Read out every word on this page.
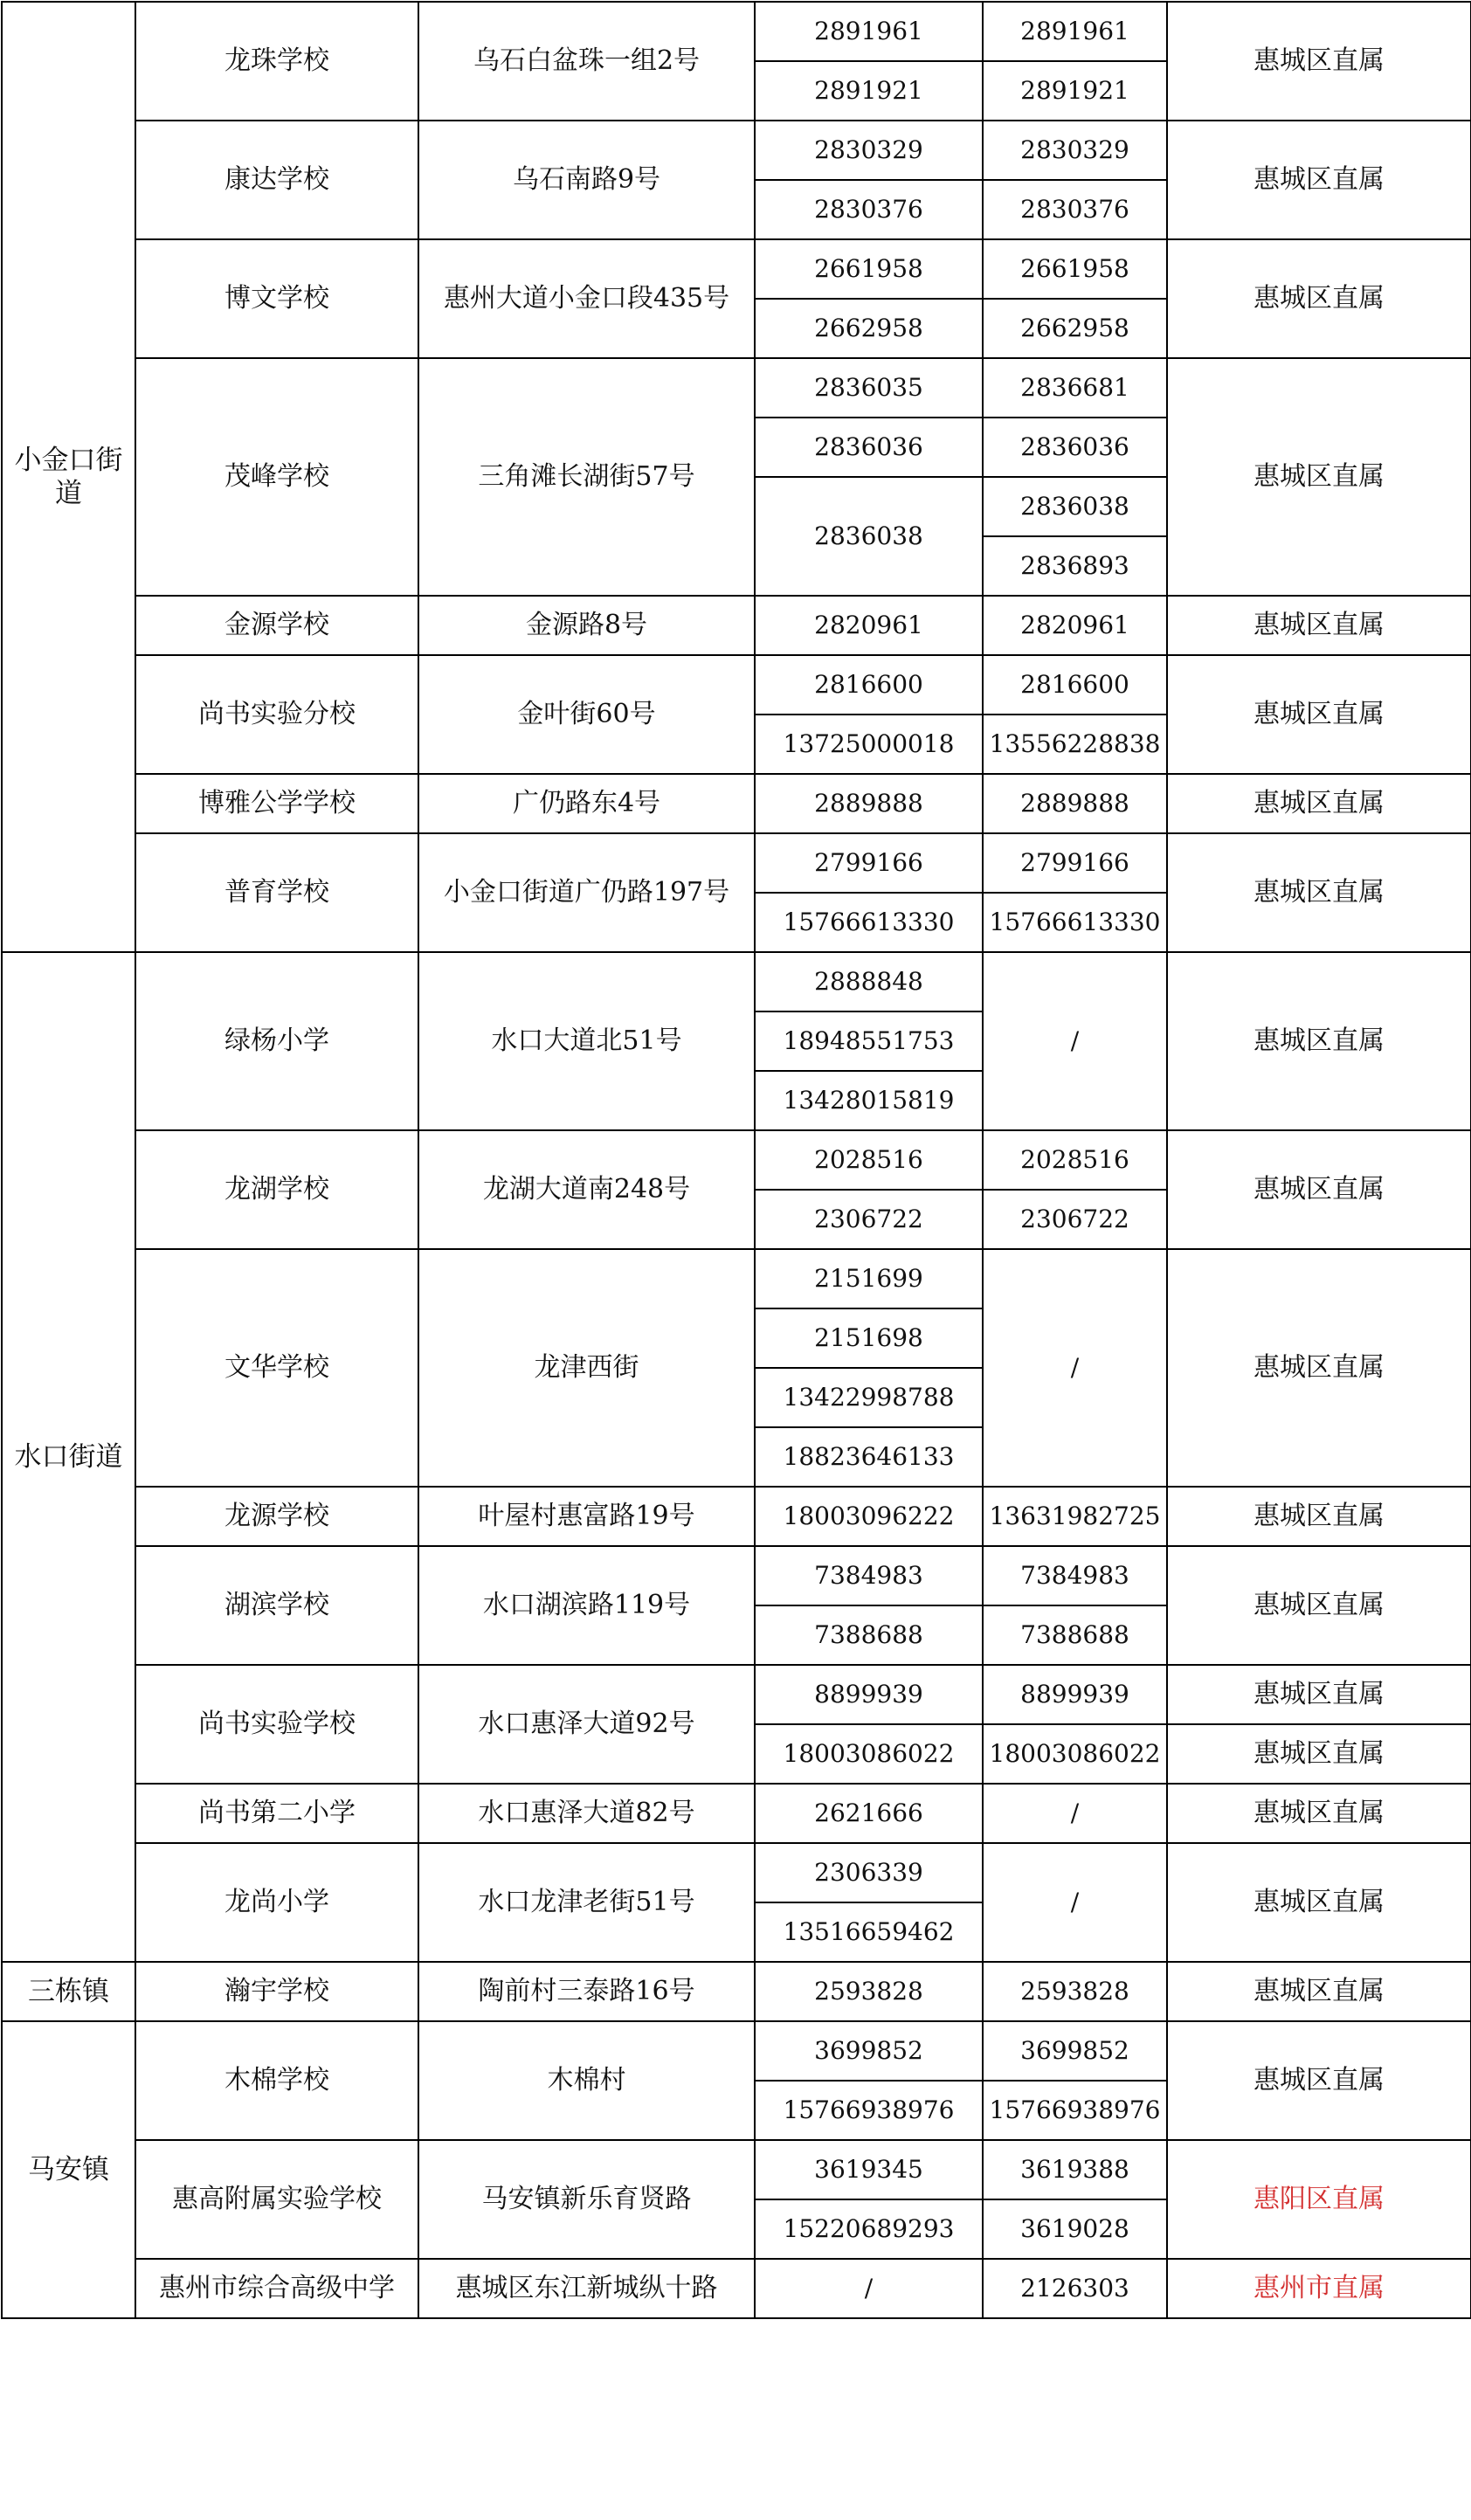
小金口街道	龙珠学校	乌石白盆珠一组2号	2891961	2891961	惠城区直属
			2891921	2891921	
	康达学校	乌石南路9号	2830329	2830329	惠城区直属
			2830376	2830376	
	博文学校	惠州大道小金口段435号	2661958	2661958	惠城区直属
			2662958	2662958	
	茂峰学校	三角滩长湖街57号	2836035	2836681	惠城区直属
			2836036	2836036	
			2836038	2836038	
				2836893	
	金源学校	金源路8号	2820961	2820961	惠城区直属
	尚书实验分校	金叶街60号	2816600	2816600	惠城区直属
			13725000018	13556228838	
	博雅公学学校	广仍路东4号	2889888	2889888	惠城区直属
	普育学校	小金口街道广仍路197号	2799166	2799166	惠城区直属
			15766613330	15766613330	
水口街道	绿杨小学	水口大道北51号	2888848	/	惠城区直属
			18948551753		
			13428015819		
	龙湖学校	龙湖大道南248号	2028516	2028516	惠城区直属
			2306722	2306722	
	文华学校	龙津西街	2151699	/	惠城区直属
			2151698		
			13422998788		
			18823646133		
	龙源学校	叶屋村惠富路19号	18003096222	13631982725	惠城区直属
	湖滨学校	水口湖滨路119号	7384983	7384983	惠城区直属
			7388688	7388688	
	尚书实验学校	水口惠泽大道92号	8899939	8899939	惠城区直属
			18003086022	18003086022	惠城区直属
	尚书第二小学	水口惠泽大道82号	2621666	/	惠城区直属
	龙尚小学	水口龙津老街51号	2306339	/	惠城区直属
			13516659462		
三栋镇	瀚宇学校	陶前村三泰路16号	2593828	2593828	惠城区直属
马安镇	木棉学校	木棉村	3699852	3699852	惠城区直属
			15766938976	15766938976	
	惠高附属实验学校	马安镇新乐育贤路	3619345	3619388	惠阳区直属
			15220689293	3619028	
	惠州市综合高级中学	惠城区东江新城纵十路	/	2126303	惠州市直属
